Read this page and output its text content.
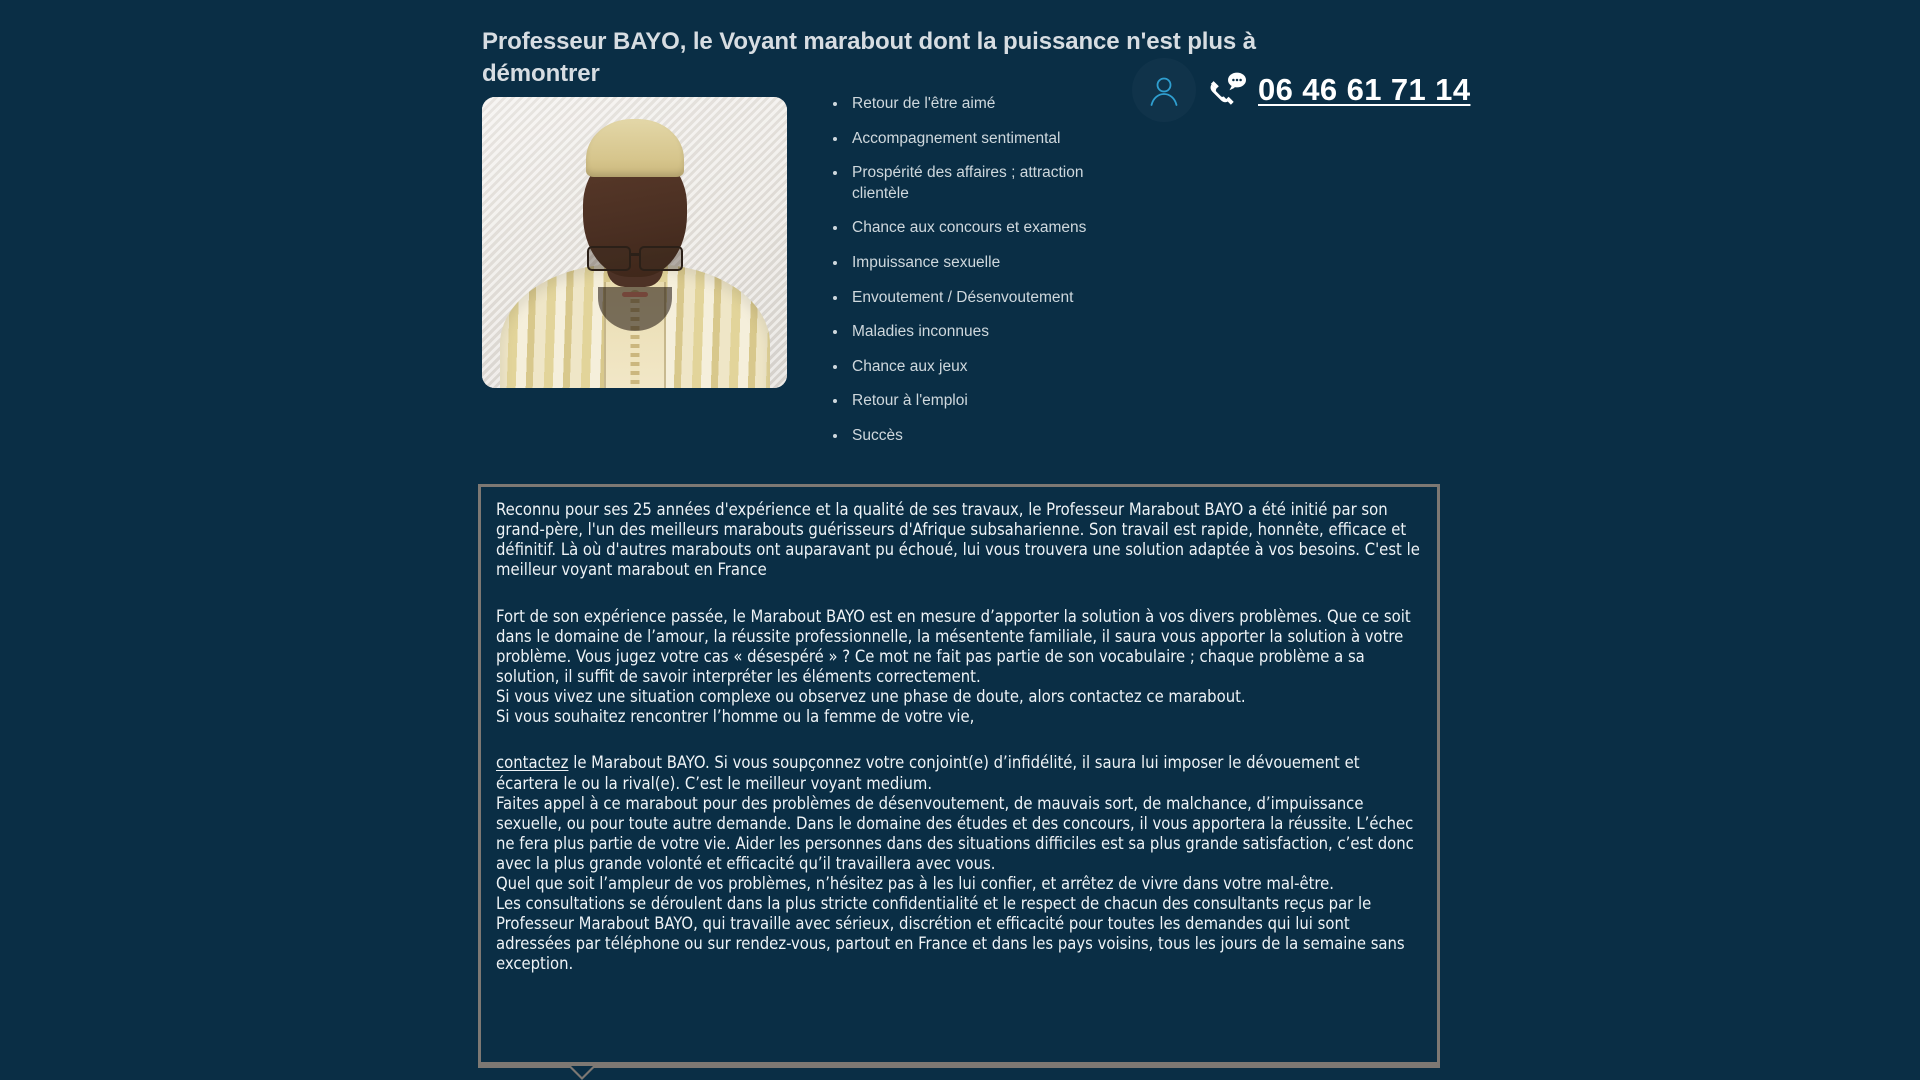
Professeur BAYO, le Voyant marabout dont la puissance n'est plus à démontrer
Retour de l'être aimé
Accompagnement sentimental
Prospérité des affaires ; attraction clientèle
Chance aux concours et examens
Impuissance sexuelle
Envoutement / Désenvoutement
Maladies inconnues
Chance aux jeux
Retour à l'emploi
Succès
06 46 61 71 14

Reconnu pour ses 25 années d'expérience et la qualité de ses travaux, le Professeur Marabout BAYO a été initié par son grand-père, l'un des meilleurs marabouts guérisseurs d'Afrique subsaharienne. Son travail est rapide, honnête, efficace et définitif. Là où d'autres marabouts ont auparavant pu échoué, lui vous trouvera une solution adaptée à vos besoins. C'est le meilleur voyant marabout en France

Fort de son expérience passée, le Marabout BAYO est en mesure d’apporter la solution à vos divers problèmes. Que ce soit dans le domaine de l’amour, la réussite professionnelle, la mésentente familiale, il saura vous apporter la solution à votre problème. Vous jugez votre cas « désespéré » ? Ce mot ne fait pas partie de son vocabulaire ; chaque problème a sa solution, il suffit de savoir interpréter les éléments correctement.

Si vous vivez une situation complexe ou observez une phase de doute, alors contactez ce marabout.

Si vous souhaitez rencontrer l’homme ou la femme de votre vie,

contactez le Marabout BAYO. Si vous soupçonnez votre conjoint(e) d’infidélité, il saura lui imposer le dévouement et écartera le ou la rival(e). C’est le meilleur voyant medium.

Faites appel à ce marabout pour des problèmes de désenvoutement, de mauvais sort, de malchance, d’impuissance sexuelle, ou pour toute autre demande. Dans le domaine des études et des concours, il vous apportera la réussite. L’échec ne fera plus partie de votre vie. Aider les personnes dans des situations difficiles est sa plus grande satisfaction, c’est donc avec la plus grande volonté et efficacité qu’il travaillera avec vous.

Quel que soit l’ampleur de vos problèmes, n’hésitez pas à les lui confier, et arrêtez de vivre dans votre mal-être.

Les consultations se déroulent dans la plus stricte confidentialité et le respect de chacun des consultants reçus par le Professeur Marabout BAYO, qui travaille avec sérieux, discrétion et efficacité pour toutes les demandes qui lui sont adressées par téléphone ou sur rendez-vous, partout en France et dans les pays voisins, tous les jours de la semaine sans exception.
